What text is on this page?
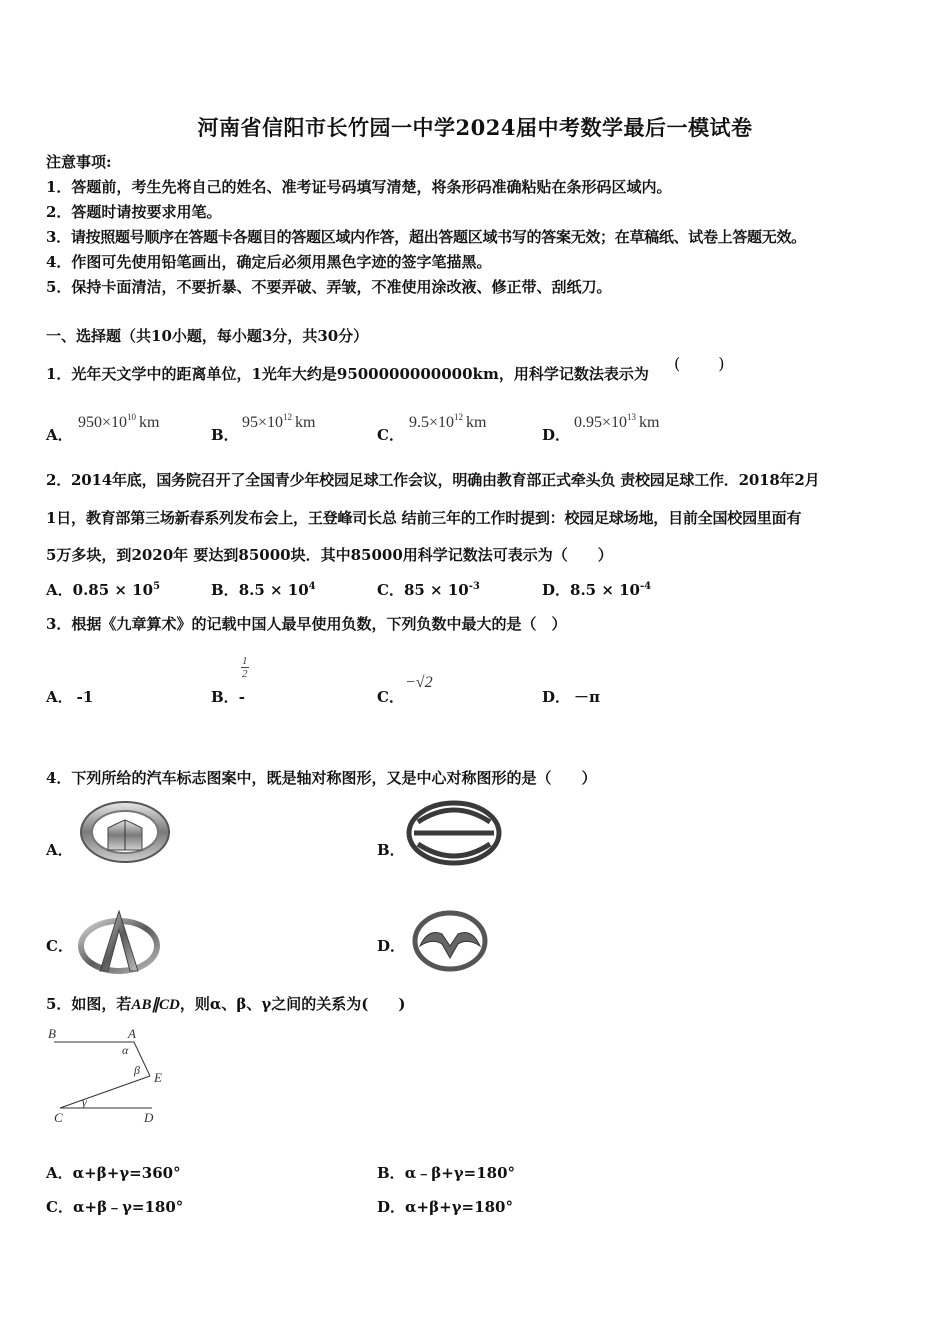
河南省信阳市长竹园一中学2024届中考数学最后一模试卷
注意事项:
1．答题前，考生先将自己的姓名、准考证号码填写清楚，将条形码准确粘贴在条形码区域内。
2．答题时请按要求用笔。
3．请按照题号顺序在答题卡各题目的答题区域内作答，超出答题区域书写的答案无效；在草稿纸、试卷上答题无效。
4．作图可先使用铅笔画出，确定后必须用黑色字迹的签字笔描黑。
5．保持卡面清洁，不要折暴、不要弄破、弄皱，不准使用涂改液、修正带、刮纸刀。
一、选择题（共10小题，每小题3分，共30分）
1．光年天文学中的距离单位，1光年大约是9500000000000km，用科学记数法表示为
(　　)
A．
$950\times 10^{10}$ km
B．
$95\times 10^{12}$ km
C．
$9.5\times 10^{12}$ km
D．
$0.95\times 10^{13}$ km
2．2014年底，国务院召开了全国青少年校园足球工作会议，明确由教育部正式牵头负 责校园足球工作．2018年2月
1日，教育部第三场新春系列发布会上，王登峰司长总 结前三年的工作时提到：校园足球场地，目前全国校园里面有
5万多块，到2020年 要达到85000块．其中85000用科学记数法可表示为（　　）
A．$0.85 \times 10^5$	B．$8.5 \times 10^4$	C．$85 \times 10^{-3}$	D．$8.5 \times 10^{-4}$
3．根据《九章算术》的记载中国人最早使用负数，下列负数中最大的是（　）
A． -1	B．-
$\frac{1}{2}$
C．
−√2
D． －π
4．下列所给的汽车标志图案中，既是轴对称图形，又是中心对称图形的是（　　）
A．	B．
C．	D．
5．如图，若AB∥CD，则α、β、γ之间的关系为(　　)
B	A
E
C	D
α
β
γ
A．α+β+γ=360°	B．α﹣β+γ=180°
C．α+β﹣γ=180°	D．α+β+γ=180°
